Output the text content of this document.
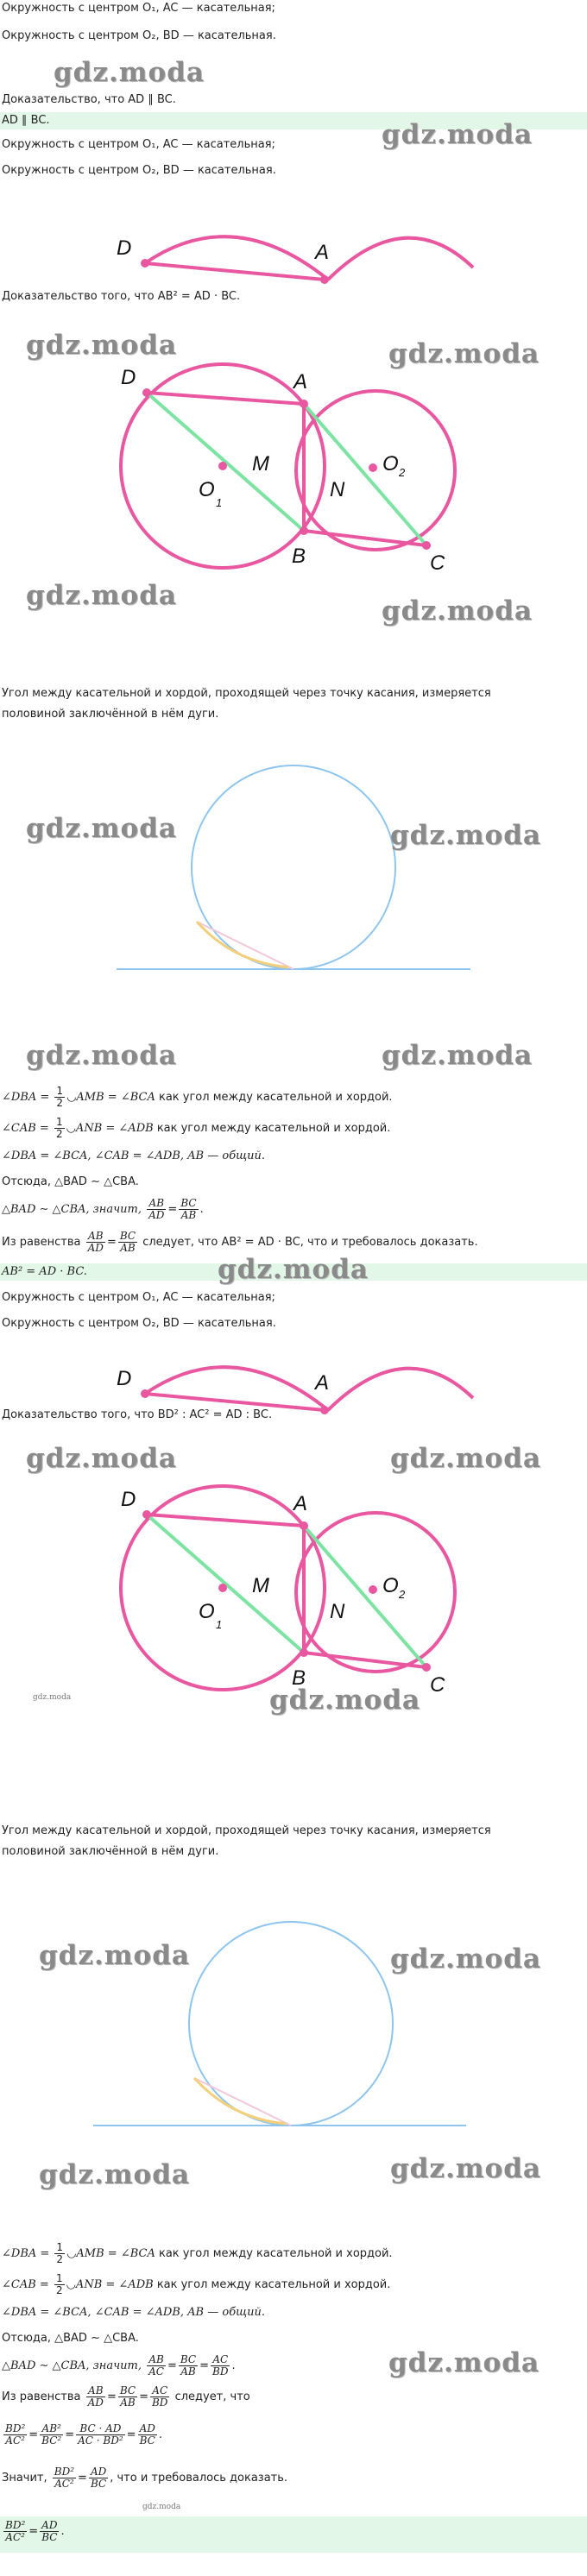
Окружность с центром O₁, AC — касательная;
Окружность с центром O₂, BD — касательная.
gdz.moda
Доказательство, что AD ∥ BC.
AD ∥ BC.	gdz.moda
Окружность с центром O₁, AC — касательная;
Окружность с центром O₂, BD — касательная.
D	A
Доказательство того, что AB² = AD · BC.
D	A
M
O
1
N
O 2
B	C
gdz.moda	gdz.moda
gdz.moda	gdz.moda
Угол между касательной и хордой, проходящей через точку касания, измеряется
половиной заключённой в нём дуги.
gdz.moda	gdz.moda
gdz.moda	gdz.moda
∠DBA = $\frac{1}{2}$ ◡AMB = ∠BCA как угол между касательной и хордой.
∠CAB = $\frac{1}{2}$ ◡ANB = ∠ADB как угол между касательной и хордой.
∠DBA = ∠BCA, ∠CAB = ∠ADB, AB — общий.
Отсюда, △BAD ∼ △CBA.
△BAD ∼ △CBA, значит, $\frac{AB}{AD} = \frac{BC}{AB}$ .
Из равенства $\frac{AB}{AD} = \frac{BC}{AB}$ следует, что AB² = AD · BC, что и требовалось доказать.
AB² = AD · BC.	gdz.moda
Окружность с центром O₁, AC — касательная;
Окружность с центром O₂, BD — касательная.
D	A
Доказательство того, что BD² : AC² = AD : BC.
D	A
M
O
1
N
O 2
B	C
gdz.moda	gdz.moda
gdz.moda	gdz.moda
Угол между касательной и хордой, проходящей через точку касания, измеряется
половиной заключённой в нём дуги.
gdz.moda	gdz.moda
gdz.moda	gdz.moda
∠DBA = $\frac{1}{2}$ ◡AMB = ∠BCA как угол между касательной и хордой.
∠CAB = $\frac{1}{2}$ ◡ANB = ∠ADB как угол между касательной и хордой.
∠DBA = ∠BCA, ∠CAB = ∠ADB, AB — общий.
Отсюда, △BAD ∼ △CBA.
△BAD ∼ △CBA, значит, $\frac{AB}{AC} = \frac{BC}{AB} = \frac{AC}{BD}$ .
Из равенства $\frac{AB}{AD} = \frac{BC}{AB} = \frac{AC}{BD}$ следует, что
$\frac{\text{BD²}}{\text{AC²}} = \frac{\text{AB²}}{\text{BC²}} = \frac{BC \cdot AD}{\text{AC · BD²}} = \frac{AD}{BC}$ .
Значит, $\frac{\text{BD²}}{\text{AC²}} = \frac{AD}{BC}$ , что и требовалось доказать.
gdz.moda
$\frac{\text{BD²}}{\text{AC²}} = \frac{AD}{BC}$ .
gdz.moda
